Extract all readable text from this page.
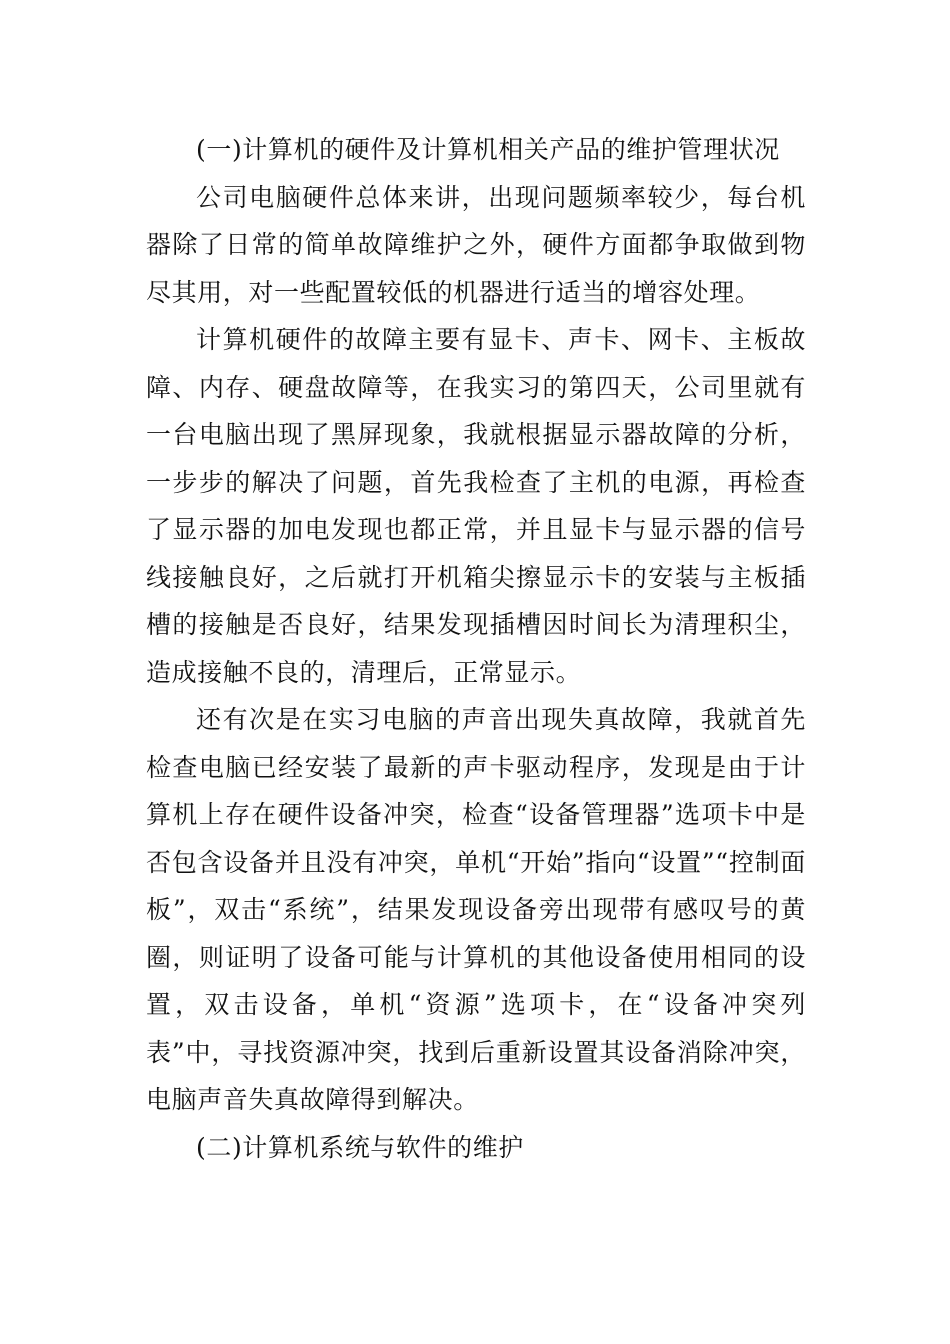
(一)计算机的硬件及计算机相关产品的维护管理状况

公司电脑硬件总体来讲，出现问题频率较少，每台机器除了日常的简单故障维护之外，硬件方面都争取做到物尽其用，对一些配置较低的机器进行适当的增容处理。

计算机硬件的故障主要有显卡、声卡、网卡、主板故障、内存、硬盘故障等，在我实习的第四天，公司里就有一台电脑出现了黑屏现象，我就根据显示器故障的分析，一步步的解决了问题，首先我检查了主机的电源，再检查了显示器的加电发现也都正常，并且显卡与显示器的信号线接触良好，之后就打开机箱尖擦显示卡的安装与主板插槽的接触是否良好，结果发现插槽因时间长为清理积尘，造成接触不良的，清理后，正常显示。

还有次是在实习电脑的声音出现失真故障，我就首先检查电脑已经安装了最新的声卡驱动程序，发现是由于计算机上存在硬件设备冲突，检查“设备管理器”选项卡中是否包含设备并且没有冲突，单机“开始”指向“设置”“控制面板”，双击“系统”，结果发现设备旁出现带有感叹号的黄圈，则证明了设备可能与计算机的其他设备使用相同的设置，双击设备，单机“资源”选项卡，在“设备冲突列表”中，寻找资源冲突，找到后重新设置其设备消除冲突，电脑声音失真故障得到解决。

(二)计算机系统与软件的维护
